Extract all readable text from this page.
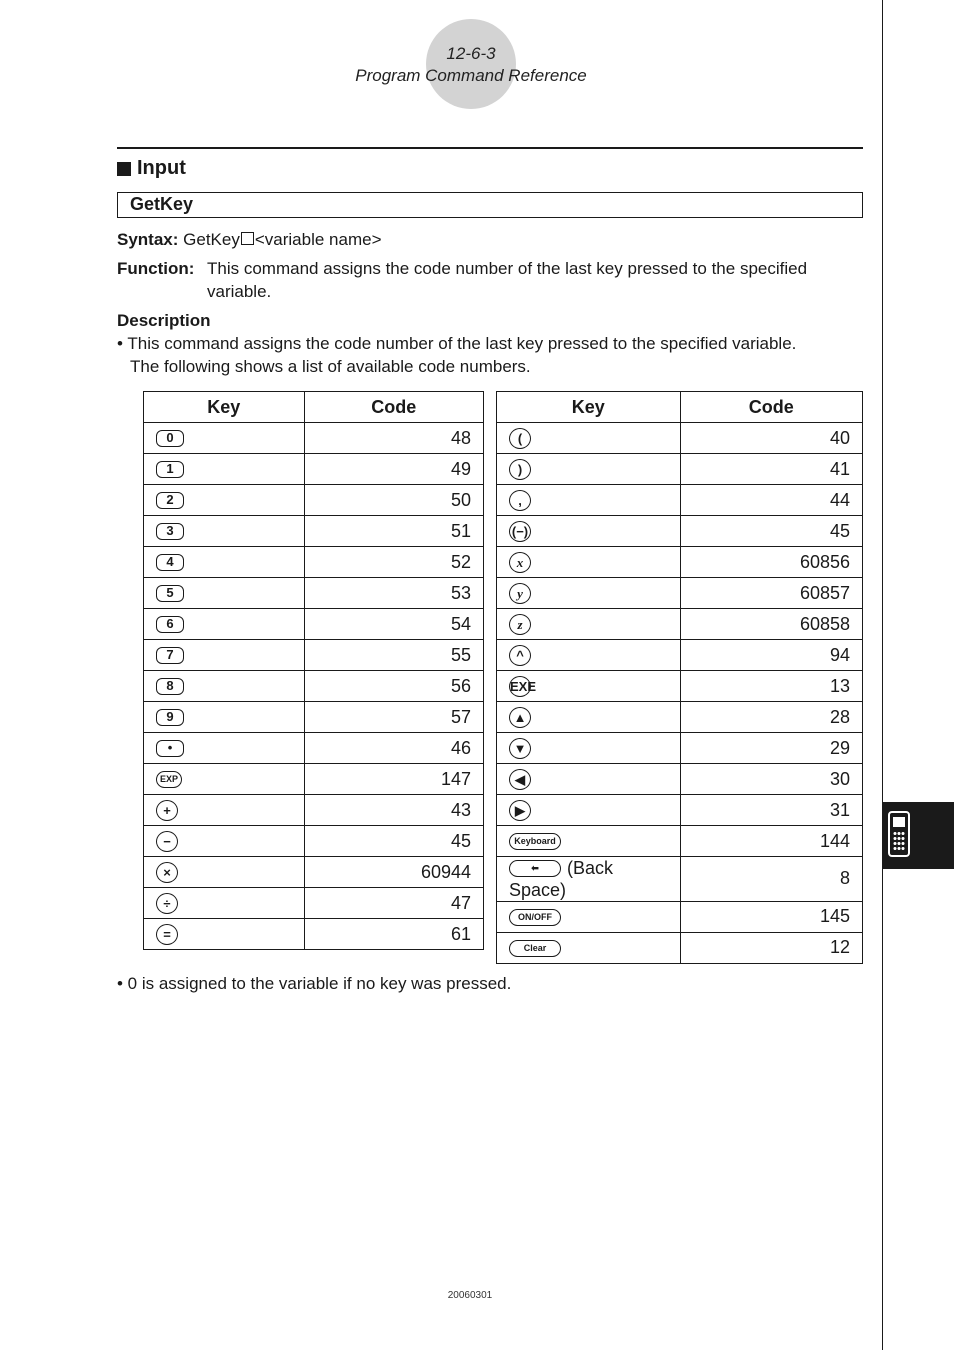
12-6-3
Program Command Reference
Input
GetKey
Syntax: GetKey <variable name>
Function: This command assigns the code number of the last key pressed to the specified variable.
Description
• This command assigns the code number of the last key pressed to the specified variable.
The following shows a list of available code numbers.
Key	Code
0	48
1	49
2	50
3	51
4	52
5	53
6	54
7	55
8	56
9	57
•	46
EXP	147
+	43
−	45
×	60944
÷	47
=	61
Key	Code
(	40
)	41
,	44
(−)	45
x	60856
y	60857
z	60858
^	94
EXE	13
▲	28
▼	29
◀	30
▶	31
Keyboard	144
⬅ (Back Space)	8
ON/OFF	145
Clear	12
• 0 is assigned to the variable if no key was pressed.
20060301
